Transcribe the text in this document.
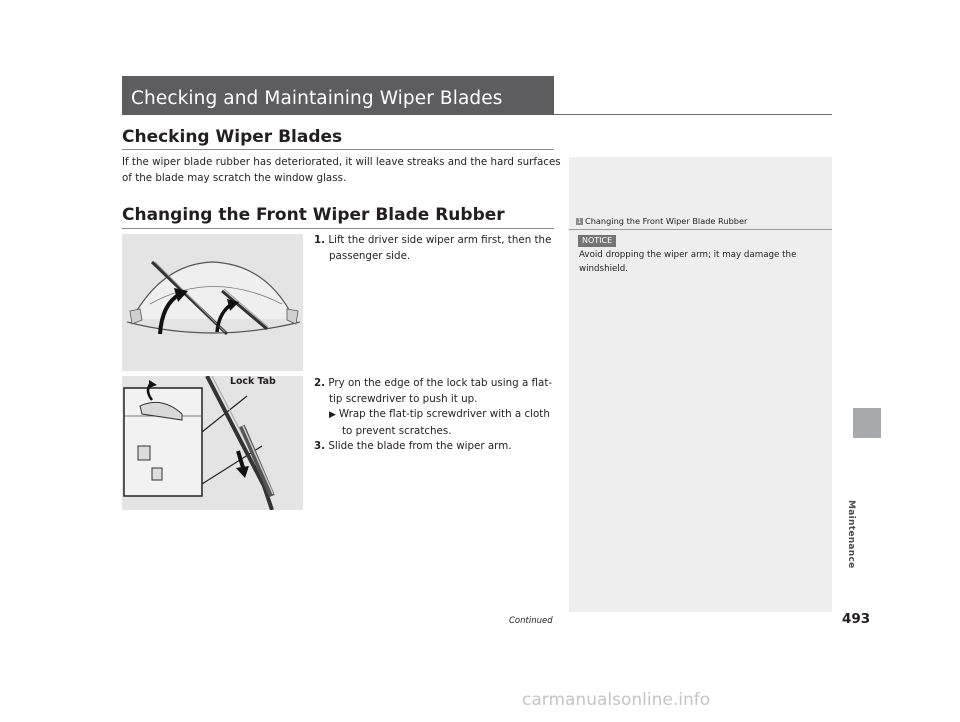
Checking and Maintaining Wiper Blades
Checking Wiper Blades
If the wiper blade rubber has deteriorated, it will leave streaks and the hard surfaces
of the blade may scratch the window glass.
Changing the Front Wiper Blade Rubber
1. Lift the driver side wiper arm first, then the
passenger side.
Lock Tab	2. Pry on the edge of the lock tab using a flat-
tip screwdriver to push it up.
▶ Wrap the flat-tip screwdriver with a cloth
to prevent scratches.
3. Slide the blade from the wiper arm.
1 Changing the Front Wiper Blade Rubber
NOTICE
Avoid dropping the wiper arm; it may damage the
windshield.
Maintenance
Continued	493
carmanualsonline.info
